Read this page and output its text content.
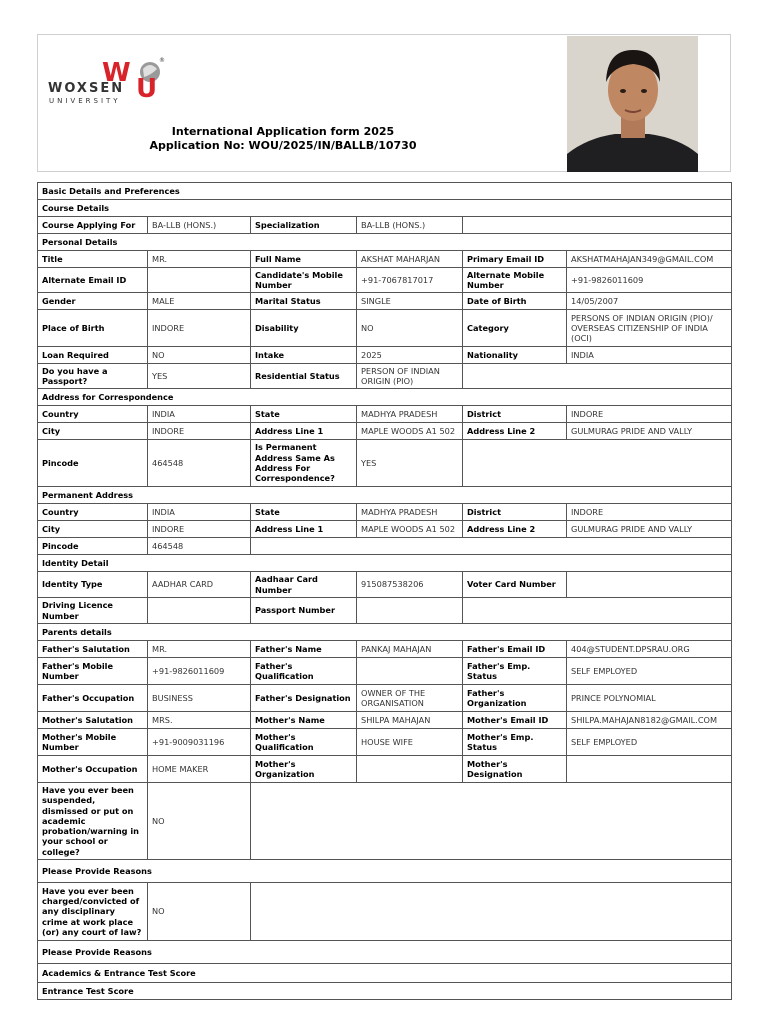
W	®
WOXSEN U
UNIVERSITY
International Application form 2025
Application No: WOU/2025/IN/BALLB/10730
Basic Details and Preferences					
Course Details					
Course Applying For	BA-LLB (HONS.)	Specialization	BA-LLB (HONS.)		
Personal Details					
Title	MR.	Full Name	AKSHAT MAHARJAN	Primary Email ID	AKSHATMAHAJAN349@GMAIL.COM
Alternate Email ID		Candidate's Mobile Number	+91-7067817017	Alternate Mobile Number	+91-9826011609
Gender	MALE	Marital Status	SINGLE	Date of Birth	14/05/2007
Place of Birth	INDORE	Disability	NO	Category	PERSONS OF INDIAN ORIGIN (PIO)/ OVERSEAS CITIZENSHIP OF INDIA (OCI)
Loan Required	NO	Intake	2025	Nationality	INDIA
Do you have a Passport?	YES	Residential Status	PERSON OF INDIAN ORIGIN (PIO)		
Address for Correspondence					
Country	INDIA	State	MADHYA PRADESH	District	INDORE
City	INDORE	Address Line 1	MAPLE WOODS A1 502	Address Line 2	GULMURAG PRIDE AND VALLY
Pincode	464548	Is Permanent Address Same As Address For Correspondence?	YES		
Permanent Address					
Country	INDIA	State	MADHYA PRADESH	District	INDORE
City	INDORE	Address Line 1	MAPLE WOODS A1 502	Address Line 2	GULMURAG PRIDE AND VALLY
Pincode	464548				
Identity Detail					
Identity Type	AADHAR CARD	Aadhaar Card Number	915087538206	Voter Card Number	
Driving Licence Number		Passport Number			
Parents details					
Father's Salutation	MR.	Father's Name	PANKAJ MAHAJAN	Father's Email ID	404@STUDENT.DPSRAU.ORG
Father's Mobile Number	+91-9826011609	Father's Qualification		Father's Emp. Status	SELF EMPLOYED
Father's Occupation	BUSINESS	Father's Designation	OWNER OF THE ORGANISATION	Father's Organization	PRINCE POLYNOMIAL
Mother's Salutation	MRS.	Mother's Name	SHILPA MAHAJAN	Mother's Email ID	SHILPA.MAHAJAN8182@GMAIL.COM
Mother's Mobile Number	+91-9009031196	Mother's Qualification	HOUSE WIFE	Mother's Emp. Status	SELF EMPLOYED
Mother's Occupation	HOME MAKER	Mother's Organization		Mother's Designation	
Have you ever been suspended, dismissed or put on academic probation/warning in your school or college?	NO				
Please Provide Reasons					
Have you ever been charged/convicted of any disciplinary crime at work place (or) any court of law?	NO				
Please Provide Reasons					
Academics & Entrance Test Score					
Entrance Test Score					
